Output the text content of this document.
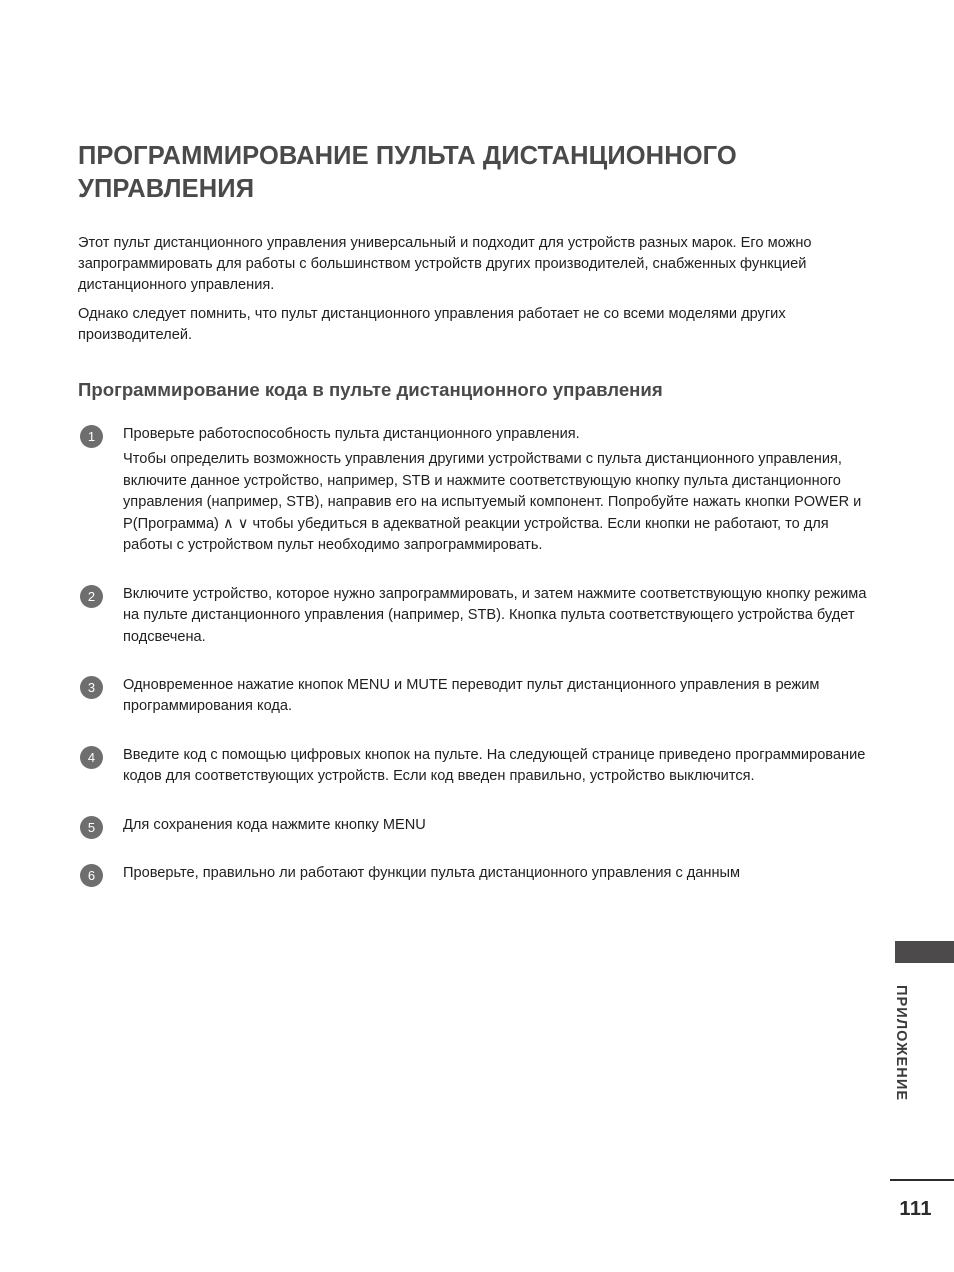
ПРОГРАММИРОВАНИЕ ПУЛЬТА ДИСТАНЦИОННОГО УПРАВЛЕНИЯ

Этот пульт дистанционного управления универсальный и подходит для устройств разных марок. Его можно запрограммировать для работы с большинством устройств других производителей, снабженных функцией дистанционного управления.

Однако следует помнить, что пульт дистанционного управления работает не со всеми моделями других производителей.

Программирование кода в пульте дистанционного управления
1	Проверьте работоспособность пульта дистанционного управления.

Чтобы определить возможность управления другими устройствами с пульта дистанционного управления, включите данное устройство, например, STB и нажмите соответствующую кнопку пульта дистанционного управления (например, STB), направив его на испытуемый компонент. Попробуйте нажать кнопки POWER и P(Программа) ∧ ∨ чтобы убедиться в адекватной реакции устройства. Если кнопки не работают, то для работы с устройством пульт необходимо запрограммировать.

2	Включите устройство, которое нужно запрограммировать, и затем нажмите соответствующую кнопку режима на пульте дистанционного управления (например, STB). Кнопка пульта соответствующего устройства будет подсвечена.

3	Одновременное нажатие кнопок MENU и MUTE переводит пульт дистанционного управления в режим программирования кода.

4	Введите код с помощью цифровых кнопок на пульте. На следующей странице приведено программирование кодов для соответствующих устройств. Если код введен правильно, устройство выключится.

5	Для сохранения кода нажмите кнопку MENU

6	Проверьте, правильно ли работают функции пульта дистанционного управления с данным

ПРИЛОЖЕНИЕ
111
